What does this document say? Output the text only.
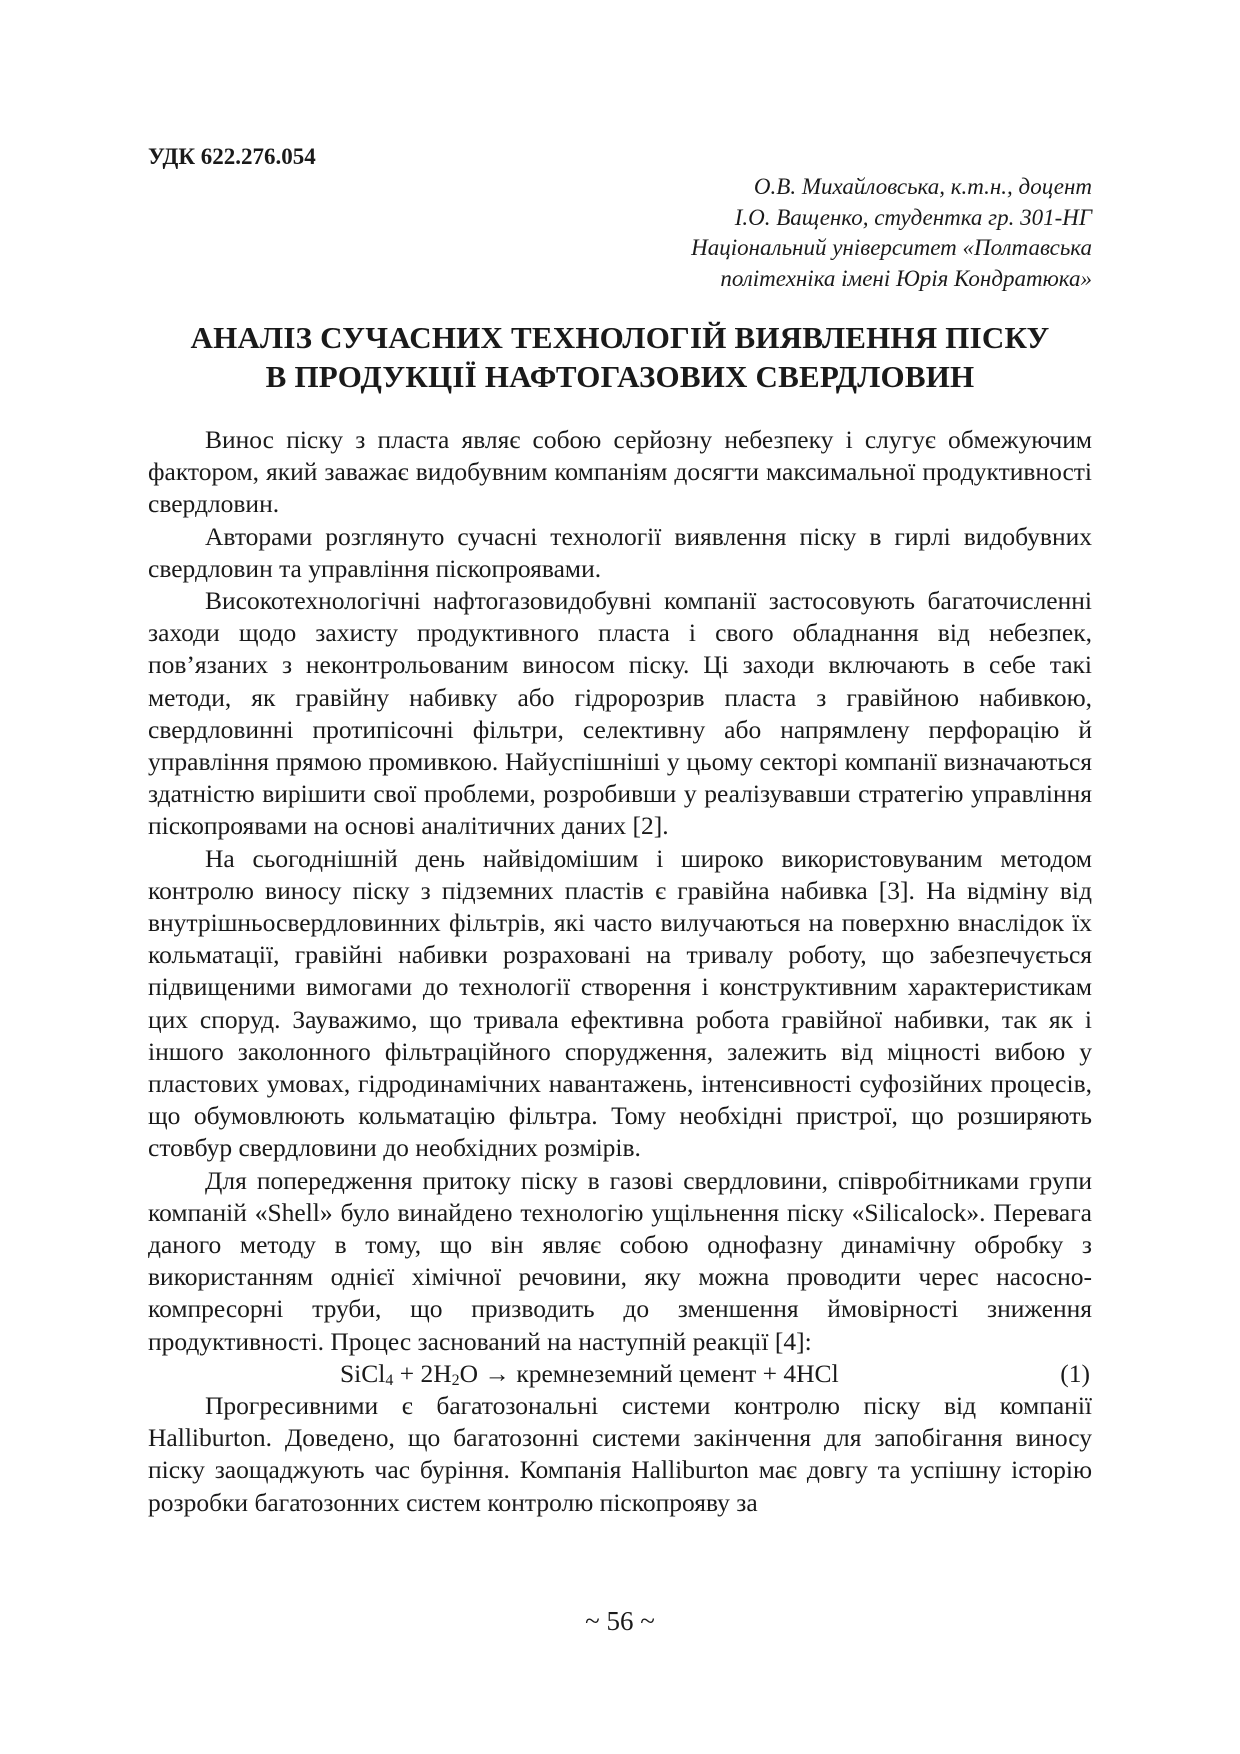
УДК 622.276.054

О.В. Михайловська, к.т.н., доцент
І.О. Ващенко, студентка гр. 301-НГ
Національний університет «Полтавська
політехніка імені Юрія Кондратюка»
АНАЛІЗ СУЧАСНИХ ТЕХНОЛОГІЙ ВИЯВЛЕННЯ ПІСКУ
В ПРОДУКЦІЇ НАФТОГАЗОВИХ СВЕРДЛОВИН

Винос піску з пласта являє собою серйозну небезпеку і слугує обмежуючим фактором, який заважає видобувним компаніям досягти максимальної продуктивності свердловин.

Авторами розглянуто сучасні технології виявлення піску в гирлі видобувних свердловин та управління піскопроявами.

Високотехнологічні нафтогазовидобувні компанії застосовують багаточисленні заходи щодо захисту продуктивного пласта і свого обладнання від небезпек, пов’язаних з неконтрольованим виносом піску. Ці заходи включають в себе такі методи, як гравійну набивку або гідророзрив пласта з гравійною набивкою, свердловинні протипісочні фільтри, селективну або напрямлену перфорацію й управління прямою промивкою. Найуспішніші у цьому секторі компанії визначаються здатністю вирішити свої проблеми, розробивши у реалізувавши стратегію управління піскопроявами на основі аналітичних даних [2].

На сьогоднішній день найвідомішим і широко використовуваним методом контролю виносу піску з підземних пластів є гравійна набивка [3]. На відміну від внутрішньосвердловинних фільтрів, які часто вилучаються на поверхню внаслідок їх кольматації, гравійні набивки розраховані на тривалу роботу, що забезпечується підвищеними вимогами до технології створення і конструктивним характеристикам цих споруд. Зауважимо, що тривала ефективна робота гравійної набивки, так як і іншого заколонного фільтраційного спорудження, залежить від міцності вибою у пластових умовах, гідродинамічних навантажень, інтенсивності суфозійних процесів, що обумовлюють кольматацію фільтра. Тому необхідні пристрої, що розширяють стовбур свердловини до необхідних розмірів.

Для попередження притоку піску в газові свердловини, співробітниками групи компаній «Shell» було винайдено технологію ущільнення піску «Silicalock». Перевага даного методу в тому, що він являє собою однофазну динамічну обробку з використанням однієї хімічної речовини, яку можна проводити черес насосно-компресорні труби, що призводить до зменшення ймовірності зниження продуктивності. Процес заснований на наступній реакції [4]:

SiCl$_4$ + $2H_2O$ → кремнеземний цемент + 4HCl	(1)

Прогресивними є багатозональні системи контролю піску від компанії Halliburton. Доведено, що багатозонні системи закінчення для запобігання виносу піску заощаджують час буріння. Компанія Halliburton має довгу та успішну історію розробки багатозонних систем контролю піскопрояву за

~ 56 ~
